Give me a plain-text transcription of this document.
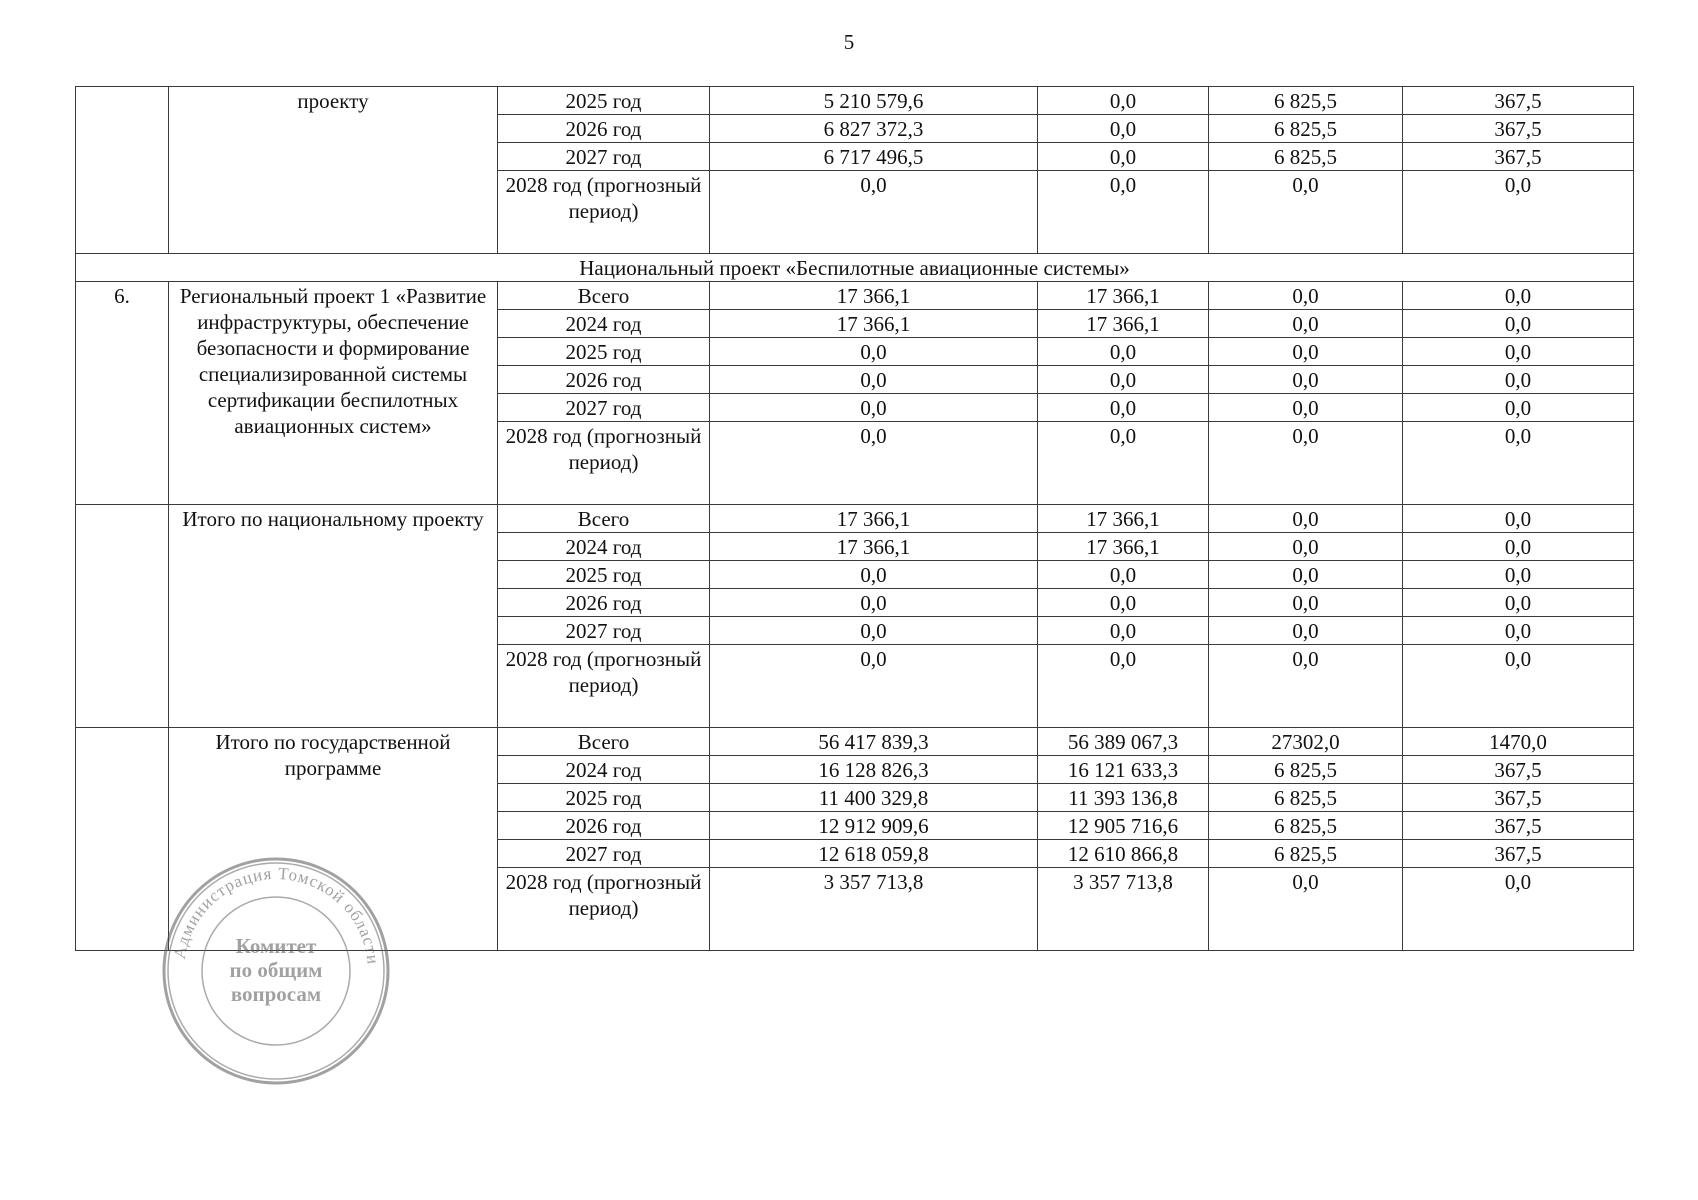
5
	проекту	2025 год	5 210 579,6	0,0	6 825,5	367,5
		2026 год	6 827 372,3	0,0	6 825,5	367,5
		2027 год	6 717 496,5	0,0	6 825,5	367,5
		2028 год (прогнозный период)	0,0	0,0	0,0	0,0
Национальный проект «Беспилотные авиационные системы»						
6.	Региональный проект 1 «Развитие инфраструктуры, обеспечение безопасности и формирование специализированной системы сертификации беспилотных авиационных систем»	Всего	17 366,1	17 366,1	0,0	0,0
		2024 год	17 366,1	17 366,1	0,0	0,0
		2025 год	0,0	0,0	0,0	0,0
		2026 год	0,0	0,0	0,0	0,0
		2027 год	0,0	0,0	0,0	0,0
		2028 год (прогнозный период)	0,0	0,0	0,0	0,0
	Итого по национальному проекту	Всего	17 366,1	17 366,1	0,0	0,0
		2024 год	17 366,1	17 366,1	0,0	0,0
		2025 год	0,0	0,0	0,0	0,0
		2026 год	0,0	0,0	0,0	0,0
		2027 год	0,0	0,0	0,0	0,0
		2028 год (прогнозный период)	0,0	0,0	0,0	0,0
	Итого по государственной программе	Всего	56 417 839,3	56 389 067,3	27302,0	1470,0
		2024 год	16 128 826,3	16 121 633,3	6 825,5	367,5
		2025 год	11 400 329,8	11 393 136,8	6 825,5	367,5
		2026 год	12 912 909,6	12 905 716,6	6 825,5	367,5
		2027 год	12 618 059,8	12 610 866,8	6 825,5	367,5
		2028 год (прогнозный период)	3 357 713,8	3 357 713,8	0,0	0,0
Администрация Томской области
Комитет
по общим
вопросам
